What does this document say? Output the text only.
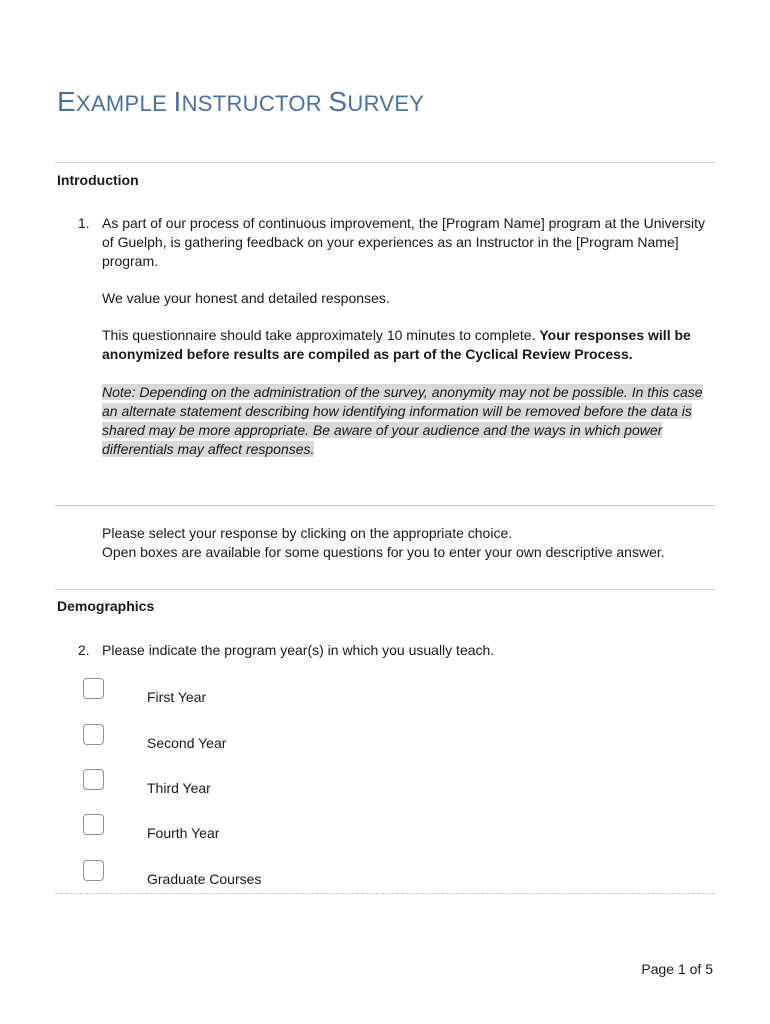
EXAMPLE INSTRUCTOR SURVEY
Introduction
1. As part of our process of continuous improvement, the [Program Name] program at the University of Guelph, is gathering feedback on your experiences as an Instructor in the [Program Name] program.

We value your honest and detailed responses.

This questionnaire should take approximately 10 minutes to complete. Your responses will be anonymized before results are compiled as part of the Cyclical Review Process.

Note: Depending on the administration of the survey, anonymity may not be possible. In this case an alternate statement describing how identifying information will be removed before the data is shared may be more appropriate. Be aware of your audience and the ways in which power differentials may affect responses.

Please select your response by clicking on the appropriate choice.

Open boxes are available for some questions for you to enter your own descriptive answer.

Demographics
2. Please indicate the program year(s) in which you usually teach.

First Year
Second Year
Third Year
Fourth Year
Graduate Courses
Page 1 of 5
